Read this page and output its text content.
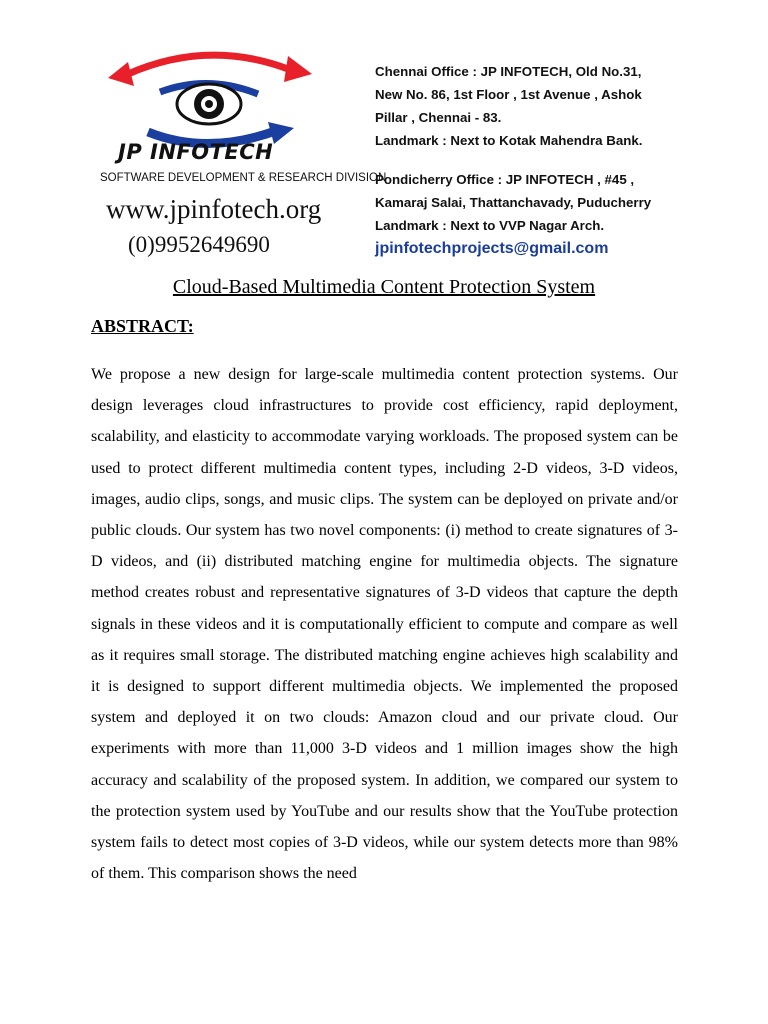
JP INFOTECH
SOFTWARE DEVELOPMENT & RESEARCH DIVISION
www.jpinfotech.org
(0)9952649690
Chennai Office : JP INFOTECH, Old No.31,
New No. 86, 1st Floor , 1st Avenue , Ashok
Pillar , Chennai - 83.
Landmark : Next to Kotak Mahendra Bank.
Pondicherry Office : JP INFOTECH , #45 ,
Kamaraj Salai, Thattanchavady, Puducherry
Landmark : Next to VVP Nagar Arch.
jpinfotechprojects@gmail.com
Cloud-Based Multimedia Content Protection System
ABSTRACT:

We propose a new design for large-scale multimedia content protection systems. Our design leverages cloud infrastructures to provide cost efficiency, rapid deployment, scalability, and elasticity to accommodate varying workloads. The proposed system can be used to protect different multimedia content types, including 2-D videos, 3-D videos, images, audio clips, songs, and music clips. The system can be deployed on private and/or public clouds. Our system has two novel components: (i) method to create signatures of 3-D videos, and (ii) distributed matching engine for multimedia objects. The signature method creates robust and representative signatures of 3-D videos that capture the depth signals in these videos and it is computationally efficient to compute and compare as well as it requires small storage. The distributed matching engine achieves high scalability and it is designed to support different multimedia objects. We implemented the proposed system and deployed it on two clouds: Amazon cloud and our private cloud. Our experiments with more than 11,000 3-D videos and 1 million images show the high accuracy and scalability of the proposed system. In addition, we compared our system to the protection system used by YouTube and our results show that the YouTube protection system fails to detect most copies of 3-D videos, while our system detects more than 98% of them. This comparison shows the need
